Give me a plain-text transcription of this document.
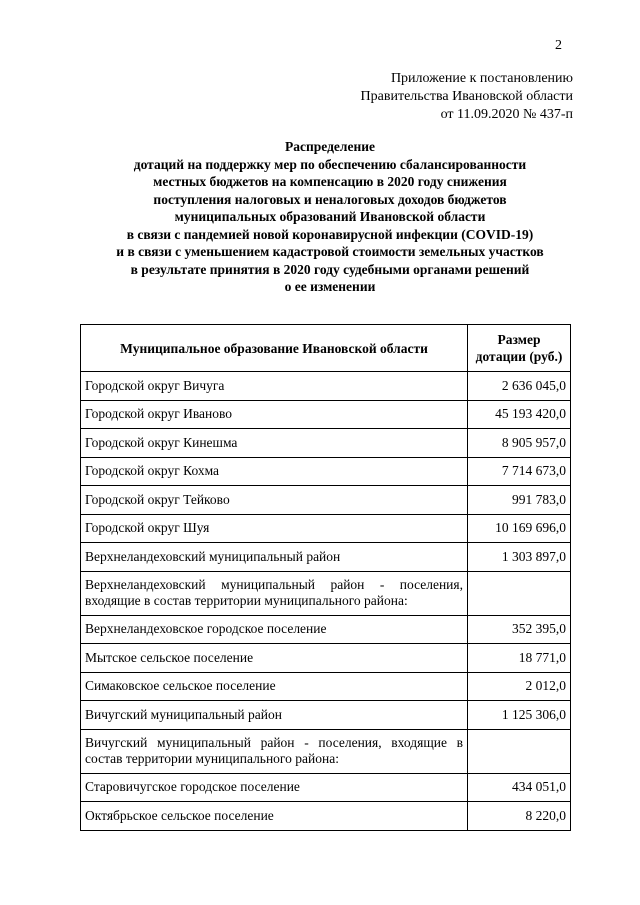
2
Приложение к постановлению
Правительства Ивановской области
от 11.09.2020 № 437-п
Распределение
дотаций на поддержку мер по обеспечению сбалансированности
местных бюджетов на компенсацию в 2020 году снижения
поступления налоговых и неналоговых доходов бюджетов
муниципальных образований Ивановской области
в связи с пандемией новой коронавирусной инфекции (COVID-19)
и в связи с уменьшением кадастровой стоимости земельных участков
в результате принятия в 2020 году судебными органами решений
о ее изменении
Муниципальное образование Ивановской области	Размер
дотации (руб.)

Городской округ Вичуга	2 636 045,0
Городской округ Иваново	45 193 420,0
Городской округ Кинешма	8 905 957,0
Городской округ Кохма	7 714 673,0
Городской округ Тейково	991 783,0
Городской округ Шуя	10 169 696,0
Верхнеландеховский муниципальный район	1 303 897,0
Верхнеландеховский муниципальный район - поселения, входящие в состав территории муниципального района:	
Верхнеландеховское городское поселение	352 395,0
Мытское сельское поселение	18 771,0
Симаковское сельское поселение	2 012,0
Вичугский муниципальный район	1 125 306,0
Вичугский муниципальный район - поселения, входящие в состав территории муниципального района:	
Старовичугское городское поселение	434 051,0
Октябрьское сельское поселение	8 220,0
